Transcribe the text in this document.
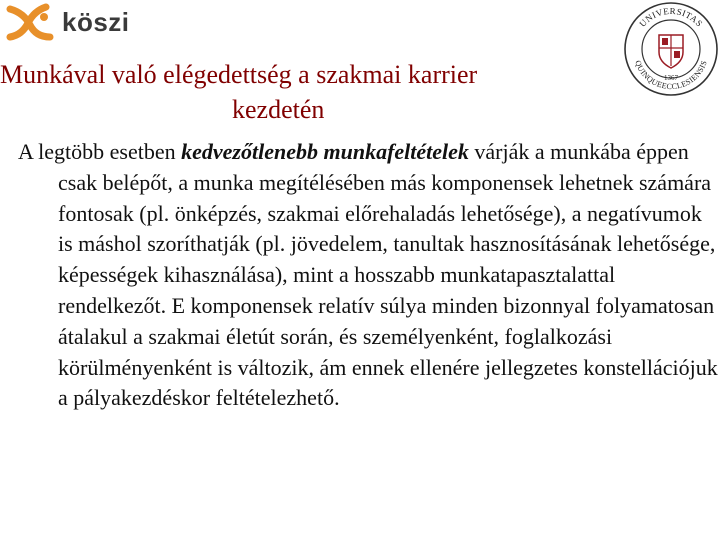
köszi	UNIVERSITAS
QUINQUEECCLESIENSIS
1367
Munkával való elégedettség a szakmai karrier
kezdetén

A legtöbb esetben kedvezőtlenebb munkafeltételek várják a munkába éppen csak belépőt, a munka megítélésében más komponensek lehetnek számára fontosak (pl. önképzés, szakmai előrehaladás lehetősége), a negatívumok is máshol szoríthatják (pl. jövedelem, tanultak hasznosításának lehetősége, képességek kihasználása), mint a hosszabb munkatapasztalattal rendelkezőt. E komponensek relatív súlya minden bizonnyal folyamatosan átalakul a szakmai életút során, és személyenként, foglalkozási körülményenként is változik, ám ennek ellenére jellegzetes konstellációjuk a pályakezdéskor feltételezhető.
